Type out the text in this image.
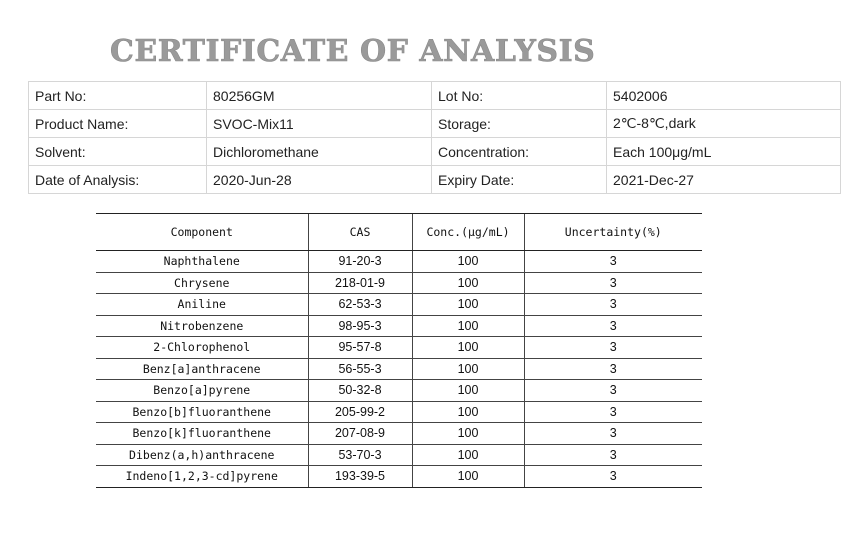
CERTIFICATE OF ANALYSIS
Part No:	80256GM	Lot No:	5402006
Product Name:	SVOC-Mix11	Storage:	2℃-8℃,dark
Solvent:	Dichloromethane	Concentration:	Each 100μg/mL
Date of Analysis:	2020-Jun-28	Expiry Date:	2021-Dec-27
Component	CAS	Conc.(μg/mL)	Uncertainty(%)
Naphthalene	91-20-3	100	3
Chrysene	218-01-9	100	3
Aniline	62-53-3	100	3
Nitrobenzene	98-95-3	100	3
2-Chlorophenol	95-57-8	100	3
Benz[a]anthracene	56-55-3	100	3
Benzo[a]pyrene	50-32-8	100	3
Benzo[b]fluoranthene	205-99-2	100	3
Benzo[k]fluoranthene	207-08-9	100	3
Dibenz(a,h)anthracene	53-70-3	100	3
Indeno[1,2,3-cd]pyrene	193-39-5	100	3
